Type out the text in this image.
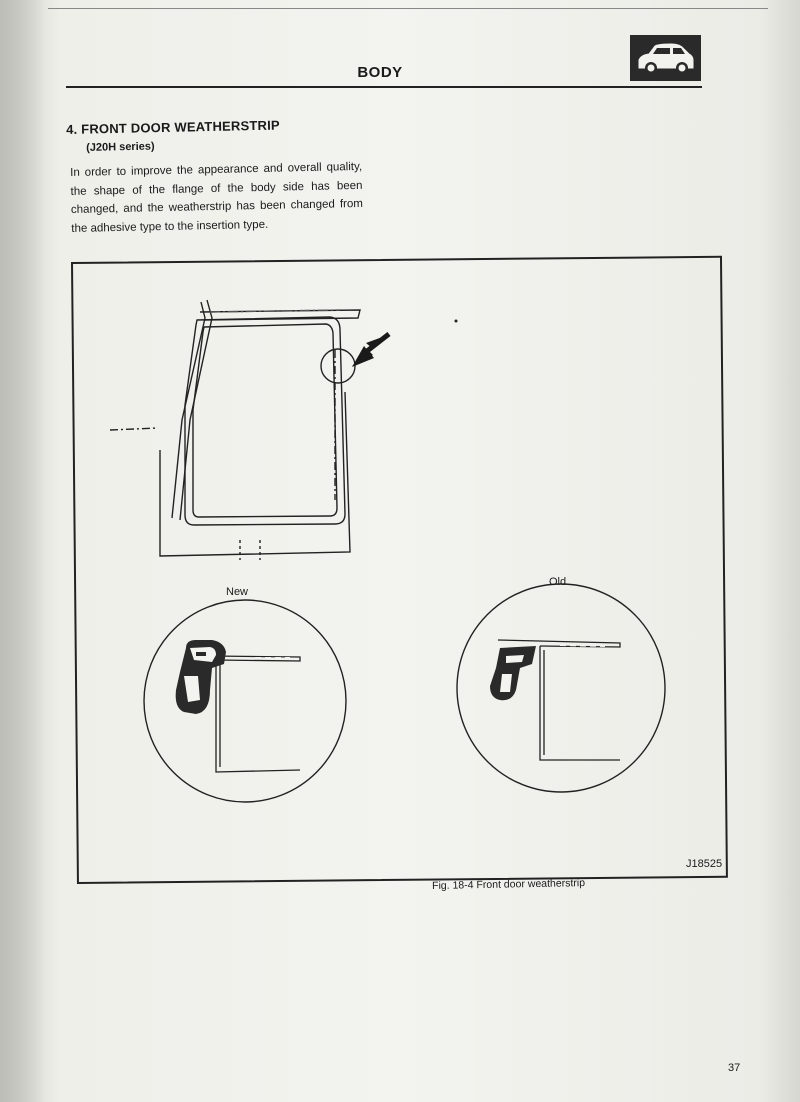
BODY
4. FRONT DOOR WEATHERSTRIP
(J20H series)
In order to improve the appearance and overall quality, the shape of the flange of the body side has been changed, and the weatherstrip has been changed from the adhesive type to the insertion type.
New
Old
J18525
Fig. 18-4 Front door weatherstrip
37
